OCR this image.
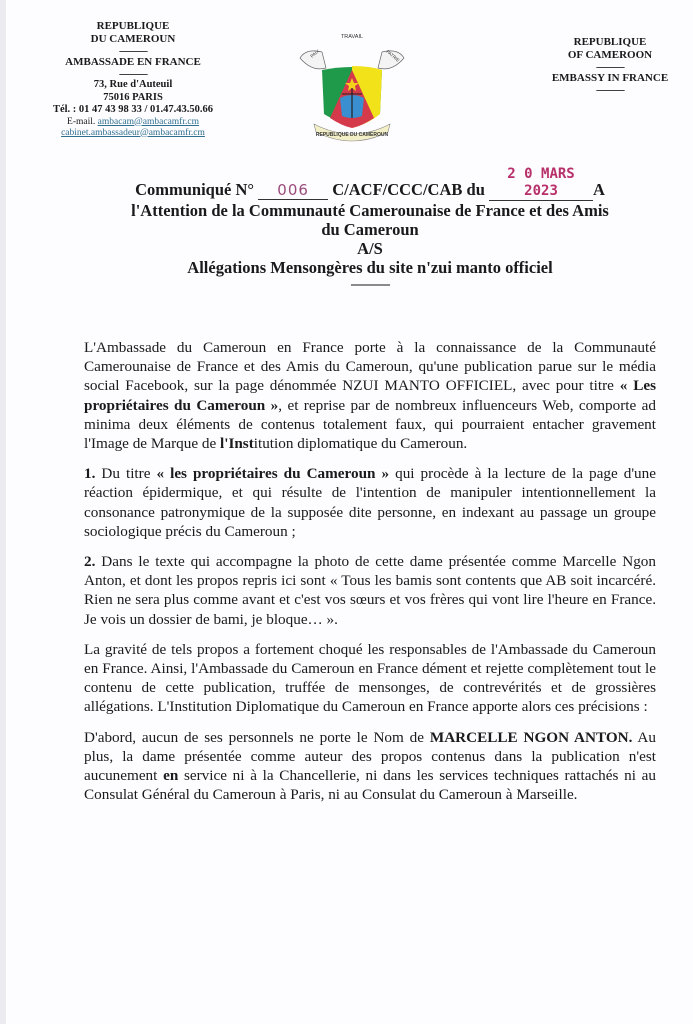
REPUBLIQUE
DU CAMEROUN
--------------
AMBASSADE EN FRANCE
--------------
73, Rue d'Auteuil
75016 PARIS
Tél. : 01 47 43 98 33 / 01.47.43.50.66
E-mail. ambacam@ambacamfr.cm
cabinet.ambassadeur@ambacamfr.cm
TRAVAIL
PAIX	PATRIE
REPUBLIQUE DU CAMEROUN
REPUBLIQUE
OF CAMEROON
--------------
EMBASSY IN FRANCE
--------------
Communiqué N° 006 C/ACF/CCC/CAB du 2 0 MARS 2023 A
l'Attention de la Communauté Camerounaise de France et des Amis
du Cameroun
A/S
Allégations Mensongères du site n'zui manto officiel
-------------

L'Ambassade du Cameroun en France porte à la connaissance de la Communauté Camerounaise de France et des Amis du Cameroun, qu'une publication parue sur le média social Facebook, sur la page dénommée NZUI MANTO OFFICIEL, avec pour titre « Les propriétaires du Cameroun », et reprise par de nombreux influenceurs Web, comporte ad minima deux éléments de contenus totalement faux, qui pourraient entacher gravement l'Image de Marque de l'Institution diplomatique du Cameroun.

1. Du titre « les propriétaires du Cameroun » qui procède à la lecture de la page d'une réaction épidermique, et qui résulte de l'intention de manipuler intentionnellement la consonance patronymique de la supposée dite personne, en indexant au passage un groupe sociologique précis du Cameroun ;

2. Dans le texte qui accompagne la photo de cette dame présentée comme Marcelle Ngon Anton, et dont les propos repris ici sont « Tous les bamis sont contents que AB soit incarcéré. Rien ne sera plus comme avant et c'est vos sœurs et vos frères qui vont lire l'heure en France. Je vois un dossier de bami, je bloque… ».

La gravité de tels propos a fortement choqué les responsables de l'Ambassade du Cameroun en France. Ainsi, l'Ambassade du Cameroun en France dément et rejette complètement tout le contenu de cette publication, truffée de mensonges, de contrevérités et de grossières allégations. L'Institution Diplomatique du Cameroun en France apporte alors ces précisions :

D'abord, aucun de ses personnels ne porte le Nom de MARCELLE NGON ANTON. Au plus, la dame présentée comme auteur des propos contenus dans la publication n'est aucunement en service ni à la Chancellerie, ni dans les services techniques rattachés ni au Consulat Général du Cameroun à Paris, ni au Consulat du Cameroun à Marseille.
